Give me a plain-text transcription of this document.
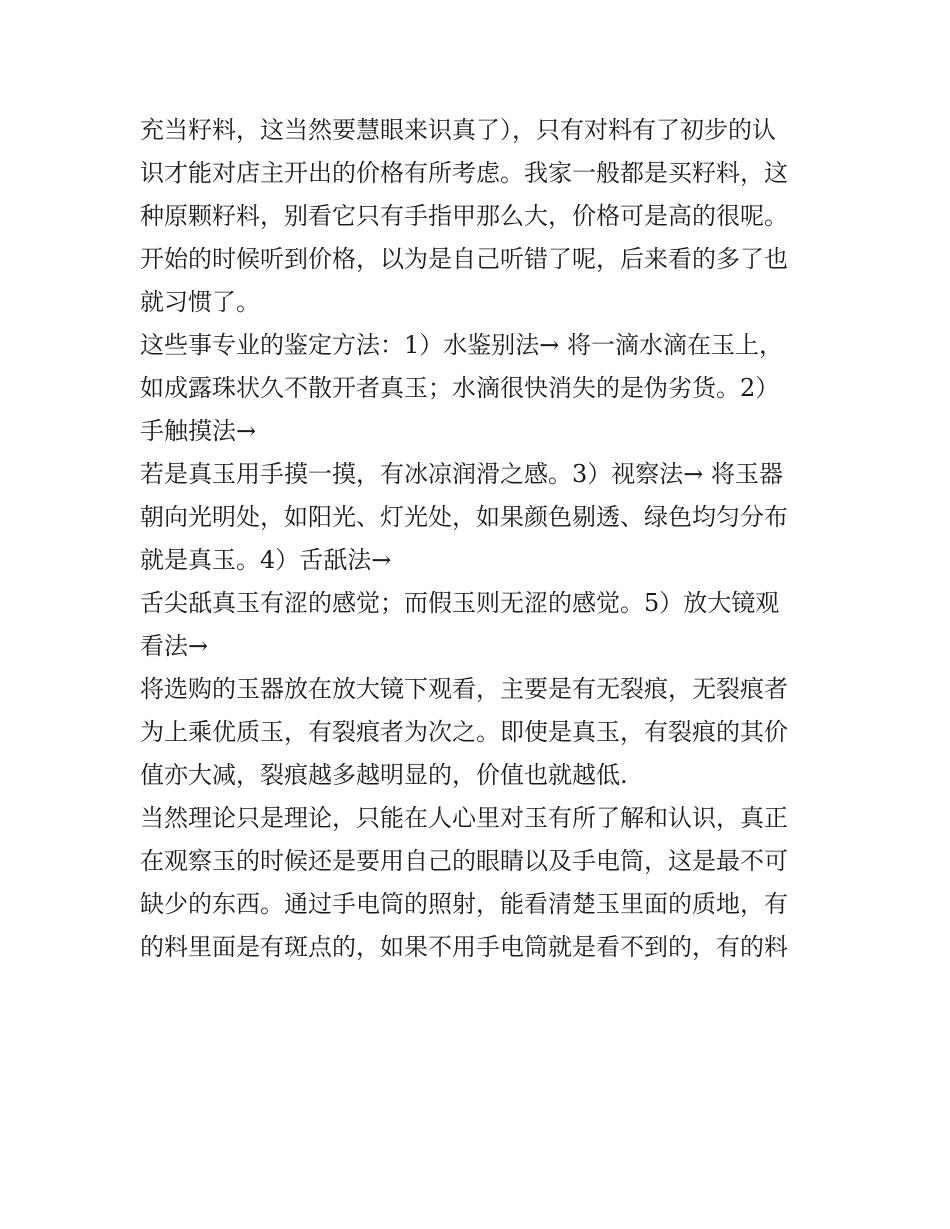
充当籽料，这当然要慧眼来识真了），只有对料有了初步的认
识才能对店主开出的价格有所考虑。我家一般都是买籽料，这
种原颗籽料，别看它只有手指甲那么大，价格可是高的很呢。
开始的时候听到价格，以为是自己听错了呢，后来看的多了也
就习惯了。
这些事专业的鉴定方法：1）水鉴别法→ 将一滴水滴在玉上，
如成露珠状久不散开者真玉；水滴很快消失的是伪劣货。2）
手触摸法→
若是真玉用手摸一摸，有冰凉润滑之感。3）视察法→ 将玉器
朝向光明处，如阳光、灯光处，如果颜色剔透、绿色均匀分布
就是真玉。4）舌舐法→
舌尖舐真玉有涩的感觉；而假玉则无涩的感觉。5）放大镜观
看法→
将选购的玉器放在放大镜下观看，主要是有无裂痕，无裂痕者
为上乘优质玉，有裂痕者为次之。即使是真玉，有裂痕的其价
值亦大减，裂痕越多越明显的，价值也就越低.
当然理论只是理论，只能在人心里对玉有所了解和认识，真正
在观察玉的时候还是要用自己的眼睛以及手电筒，这是最不可
缺少的东西。通过手电筒的照射，能看清楚玉里面的质地，有
的料里面是有斑点的，如果不用手电筒就是看不到的，有的料
